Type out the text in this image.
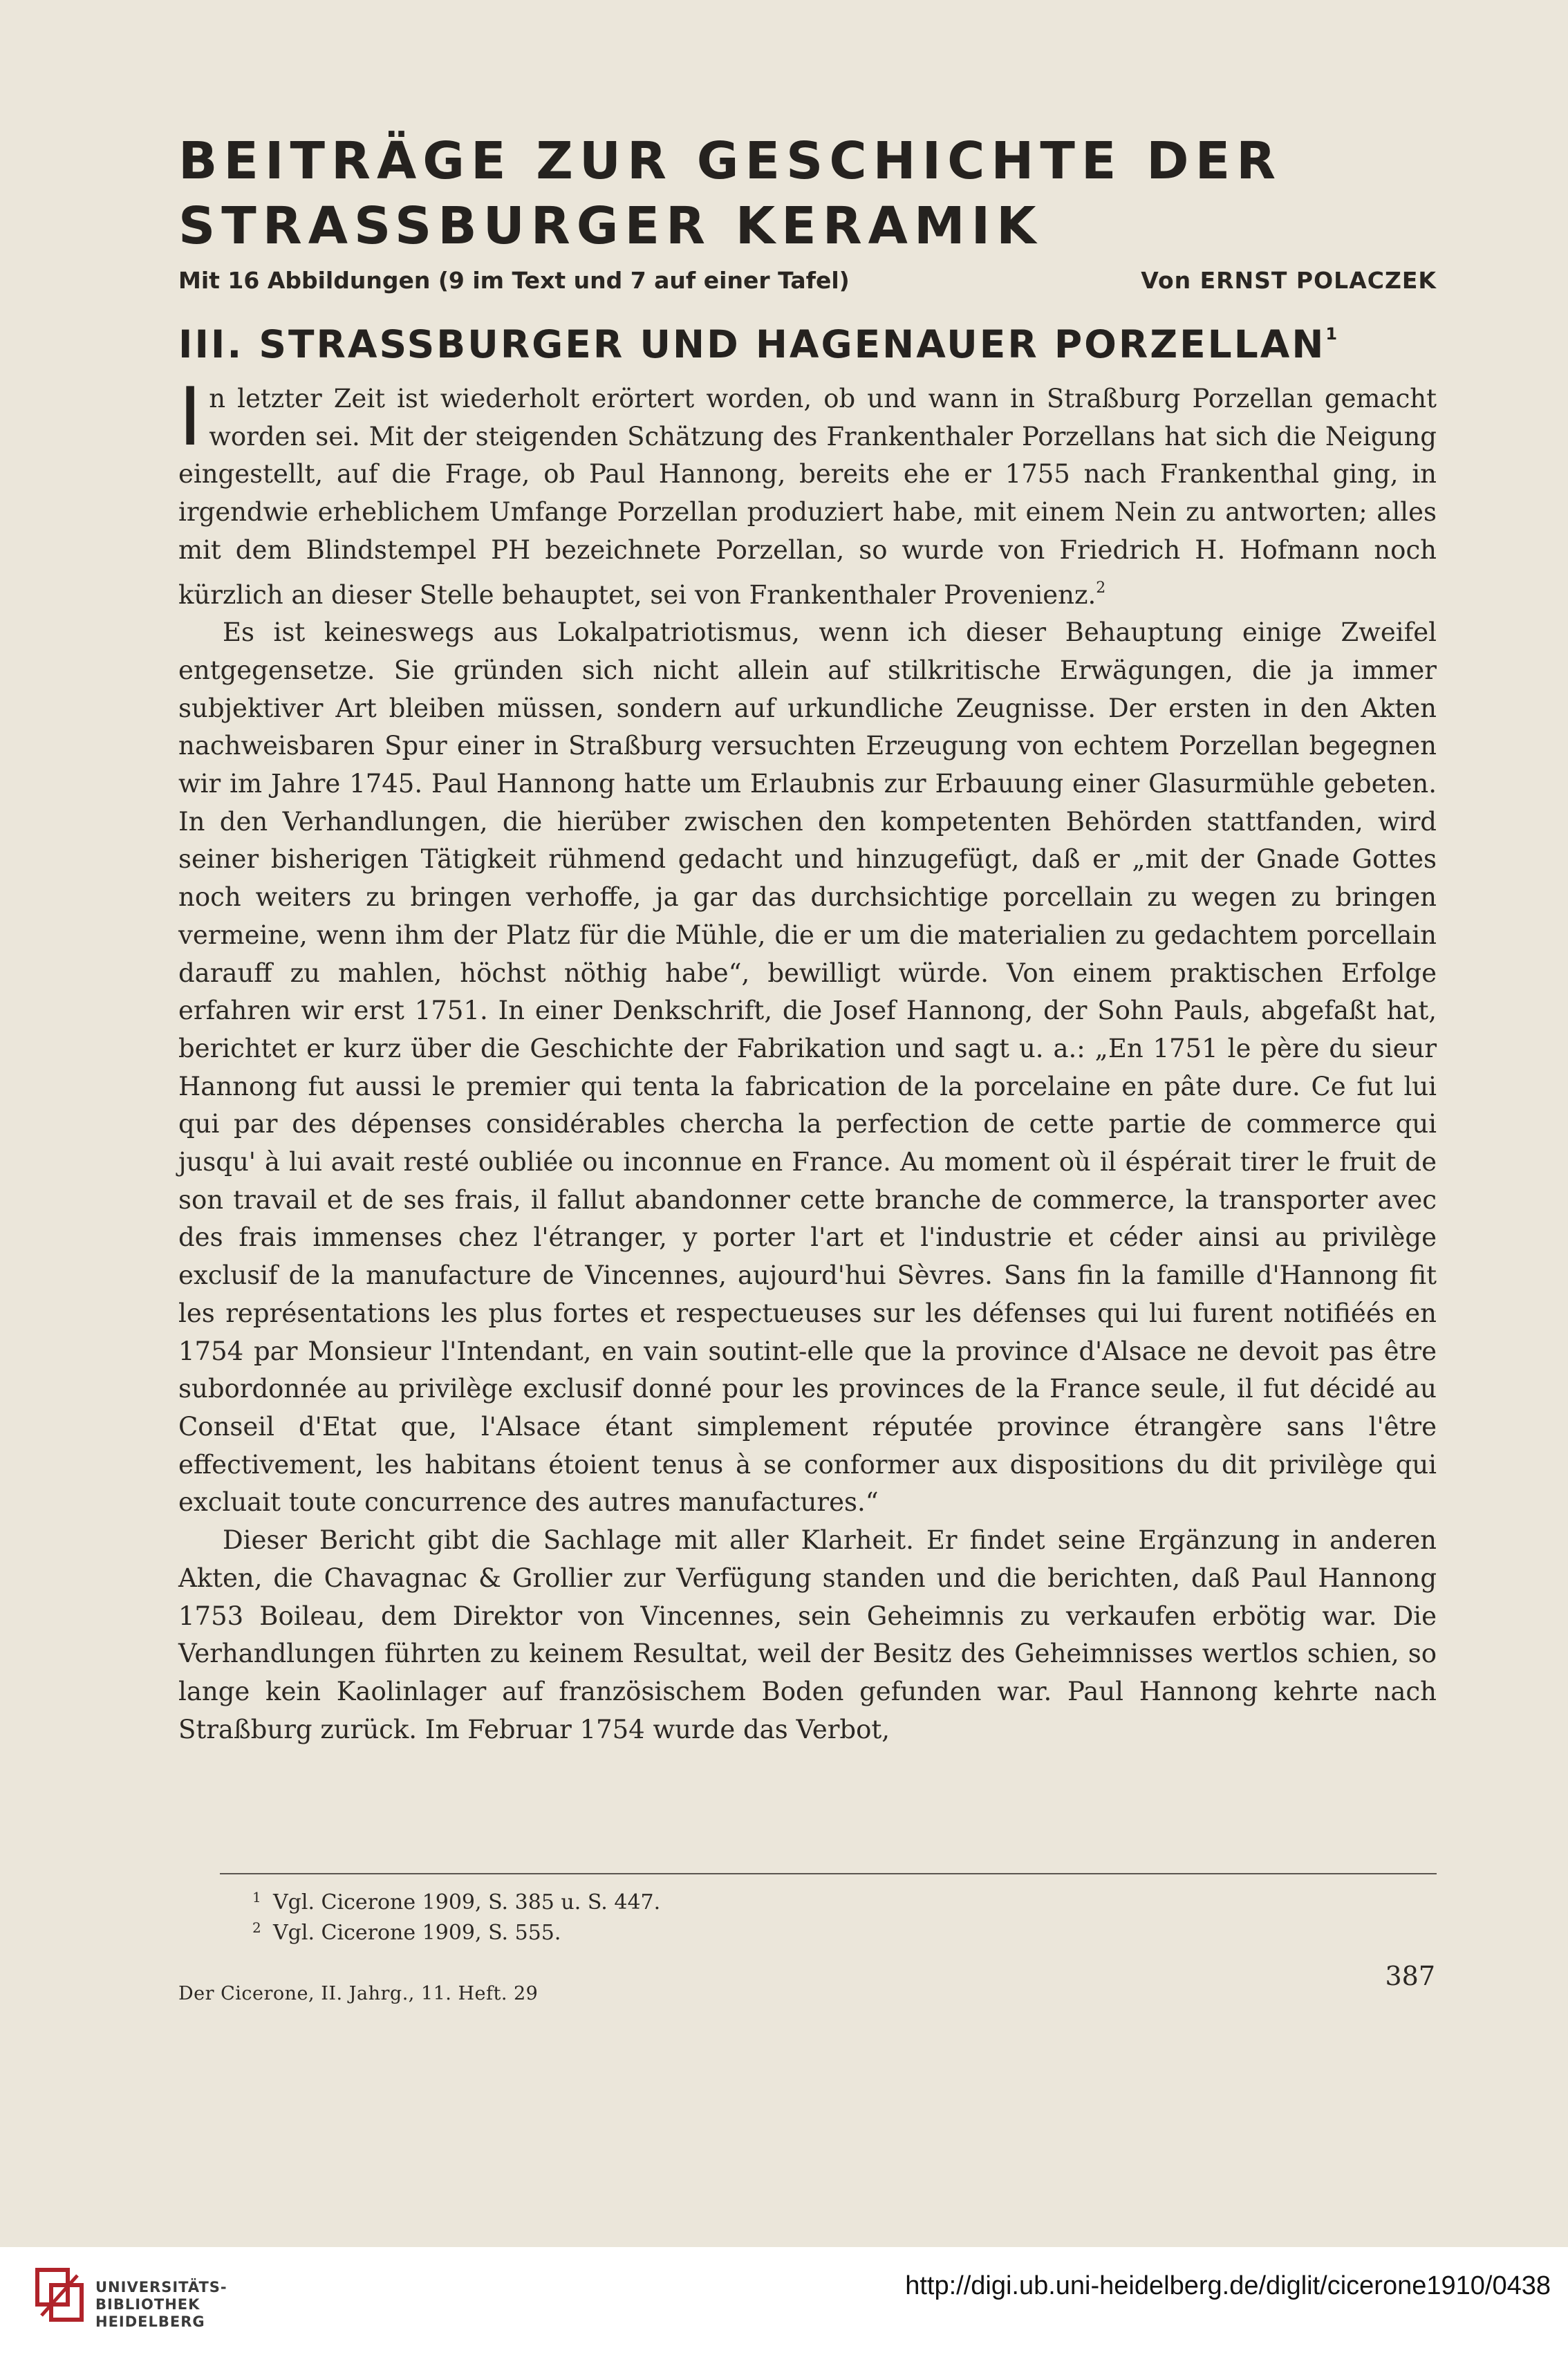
BEITRÄGE ZUR GESCHICHTE DER
STRASSBURGER KERAMIK
Mit 16 Abbildungen (9 im Text und 7 auf einer Tafel)	Von ERNST POLACZEK
III. STRASSBURGER UND HAGENAUER PORZELLAN$^1$

In letzter Zeit ist wiederholt erörtert worden, ob und wann in Straßburg Porzellan gemacht worden sei. Mit der steigenden Schätzung des Frankenthaler Porzellans hat sich die Neigung eingestellt, auf die Frage, ob Paul Hannong, bereits ehe er 1755 nach Frankenthal ging, in irgendwie erheblichem Umfange Porzellan produziert habe, mit einem Nein zu antworten; alles mit dem Blindstempel PH bezeichnete Porzellan, so wurde von Friedrich H. Hofmann noch kürzlich an dieser Stelle behauptet, sei von Frankenthaler Provenienz.$^2$

Es ist keineswegs aus Lokalpatriotismus, wenn ich dieser Behauptung einige Zweifel entgegensetze. Sie gründen sich nicht allein auf stilkritische Erwägungen, die ja immer subjektiver Art bleiben müssen, sondern auf urkundliche Zeugnisse. Der ersten in den Akten nachweisbaren Spur einer in Straßburg versuchten Erzeugung von echtem Porzellan begegnen wir im Jahre 1745. Paul Hannong hatte um Erlaubnis zur Erbauung einer Glasurmühle gebeten. In den Verhandlungen, die hierüber zwischen den kompetenten Behörden stattfanden, wird seiner bisherigen Tätigkeit rühmend gedacht und hinzugefügt, daß er „mit der Gnade Gottes noch weiters zu bringen verhoffe, ja gar das durchsichtige porcellain zu wegen zu bringen vermeine, wenn ihm der Platz für die Mühle, die er um die materialien zu gedachtem porcellain darauff zu mahlen, höchst nöthig habe“, bewilligt würde. Von einem praktischen Erfolge erfahren wir erst 1751. In einer Denkschrift, die Josef Hannong, der Sohn Pauls, abgefaßt hat, berichtet er kurz über die Geschichte der Fabrikation und sagt u. a.: „En 1751 le père du sieur Hannong fut aussi le premier qui tenta la fabrication de la porcelaine en pâte dure. Ce fut lui qui par des dépenses considérables chercha la perfection de cette partie de commerce qui jusqu' à lui avait resté oubliée ou inconnue en France. Au moment où il éspérait tirer le fruit de son travail et de ses frais, il fallut abandonner cette branche de commerce, la transporter avec des frais immenses chez l'étranger, y porter l'art et l'industrie et céder ainsi au privilège exclusif de la manufacture de Vincennes, aujourd'hui Sèvres. Sans fin la famille d'Hannong fit les représentations les plus fortes et respectueuses sur les défenses qui lui furent notifiéés en 1754 par Monsieur l'Intendant, en vain soutint-elle que la province d'Alsace ne devoit pas être subordonnée au privilège exclusif donné pour les provinces de la France seule, il fut décidé au Conseil d'Etat que, l'Alsace étant simplement réputée province étrangère sans l'être effectivement, les habitans étoient tenus à se conformer aux dispositions du dit privilège qui excluait toute concurrence des autres manufactures.“

Dieser Bericht gibt die Sachlage mit aller Klarheit. Er findet seine Ergänzung in anderen Akten, die Chavagnac & Grollier zur Verfügung standen und die berichten, daß Paul Hannong 1753 Boileau, dem Direktor von Vincennes, sein Geheimnis zu verkaufen erbötig war. Die Verhandlungen führten zu keinem Resultat, weil der Besitz des Geheimnisses wertlos schien, so lange kein Kaolinlager auf französischem Boden gefunden war. Paul Hannong kehrte nach Straßburg zurück. Im Februar 1754 wurde das Verbot,

1 Vgl. Cicerone 1909, S. 385 u. S. 447.
2 Vgl. Cicerone 1909, S. 555.
Der Cicerone, II. Jahrg., 11. Heft. 29
387
UNIVERSITÄTS-
BIBLIOTHEK
HEIDELBERG
http://digi.ub.uni-heidelberg.de/diglit/cicerone1910/0438
